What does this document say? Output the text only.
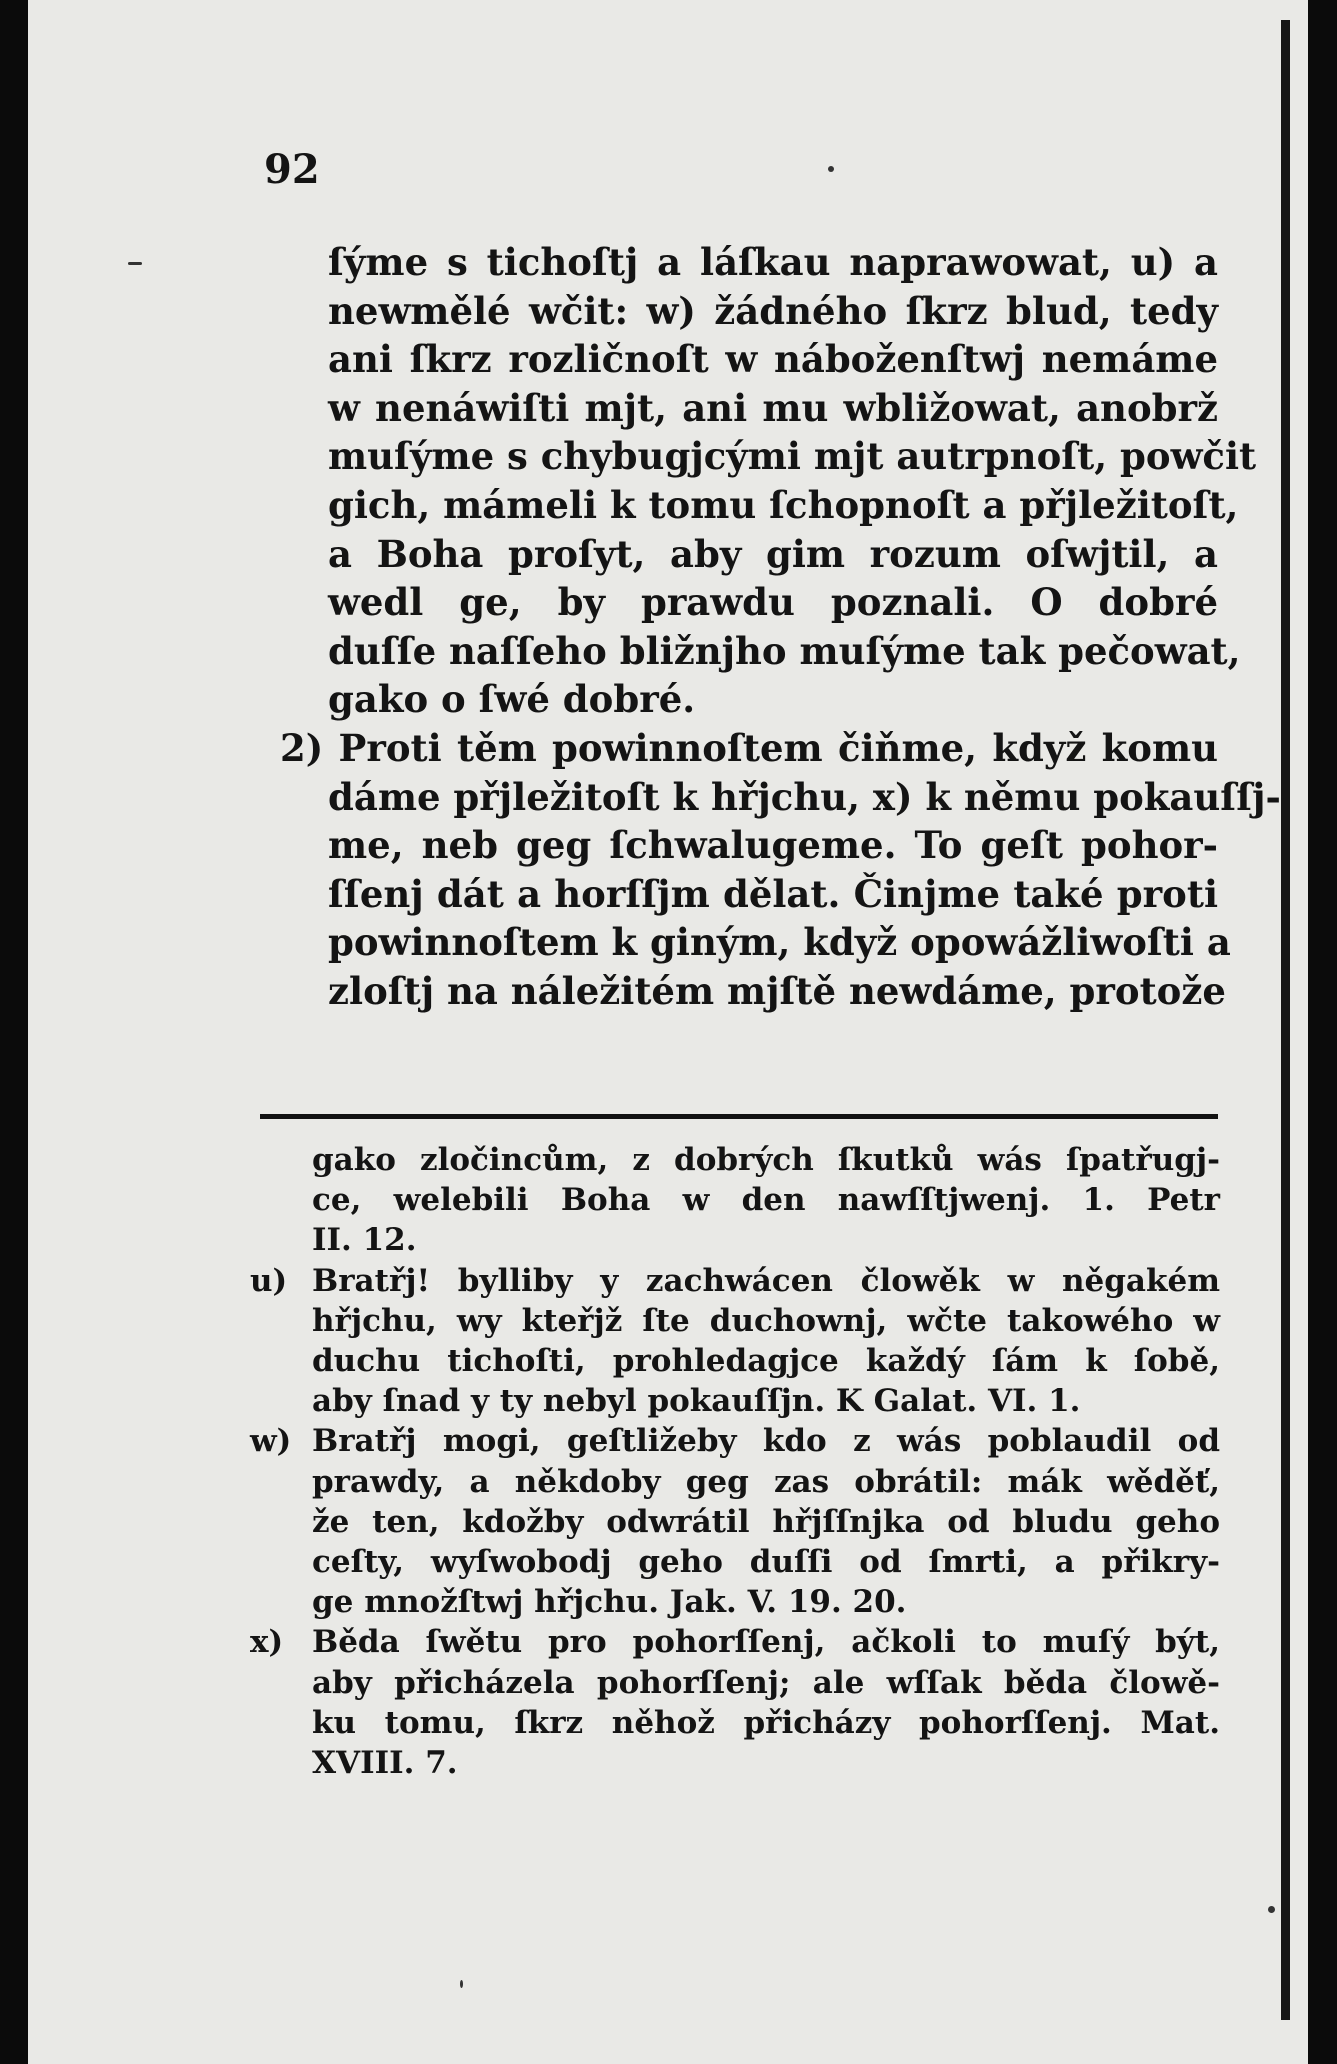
92
ſýme s tichoſtj a láſkau naprawowat, u) a
newmělé wčit: w) žádného ſkrz blud, tedy
ani ſkrz rozličnoſt w náboženſtwj nemáme
w nenáwiſti mjt, ani mu wbližowat, anobrž
muſýme s chybugjcými mjt autrpnoſt, powčit
gich, mámeli k tomu ſchopnoſt a přjležitoſt,
a Boha proſyt, aby gim rozum oſwjtil, a
wedl ge, by prawdu poznali. O dobré
duſſe naſſeho bližnjho muſýme tak pečowat,
gako o ſwé dobré.
2) Proti těm powinnoſtem čiňme, když komu
dáme přjležitoſt k hřjchu, x) k němu pokauſſj-
me, neb geg ſchwalugeme. To geſt pohor-
ſſenj dát a horſſjm dělat. Činjme také proti
powinnoſtem k giným, když opowážliwoſti a
zloſtj na náležitém mjſtě newdáme, protože
gako zločincům, z dobrých ſkutků wás ſpatřugj-
ce, welebili Boha w den nawſſtjwenj. 1. Petr
II. 12.
u) Bratřj! bylliby y zachwácen člowěk w něgakém
hřjchu, wy kteřjž ſte duchownj, wčte takowého w
duchu tichoſti, prohledagjce každý ſám k ſobě,
aby ſnad y ty nebyl pokauſſjn. K Galat. VI. 1.
w) Bratřj mogi, geſtližeby kdo z wás poblaudil od
prawdy, a někdoby geg zas obrátil: mák wěděť,
že ten, kdožby odwrátil hřjſſnjka od bludu geho
ceſty, wyſwobodj geho duſſi od ſmrti, a přikry-
ge množſtwj hřjchu. Jak. V. 19. 20.
x) Běda ſwětu pro pohorſſenj, ačkoli to muſý být,
aby přicházela pohorſſenj; ale wſſak běda člowě-
ku tomu, ſkrz něhož přicházy pohorſſenj. Mat.
XVIII. 7.
